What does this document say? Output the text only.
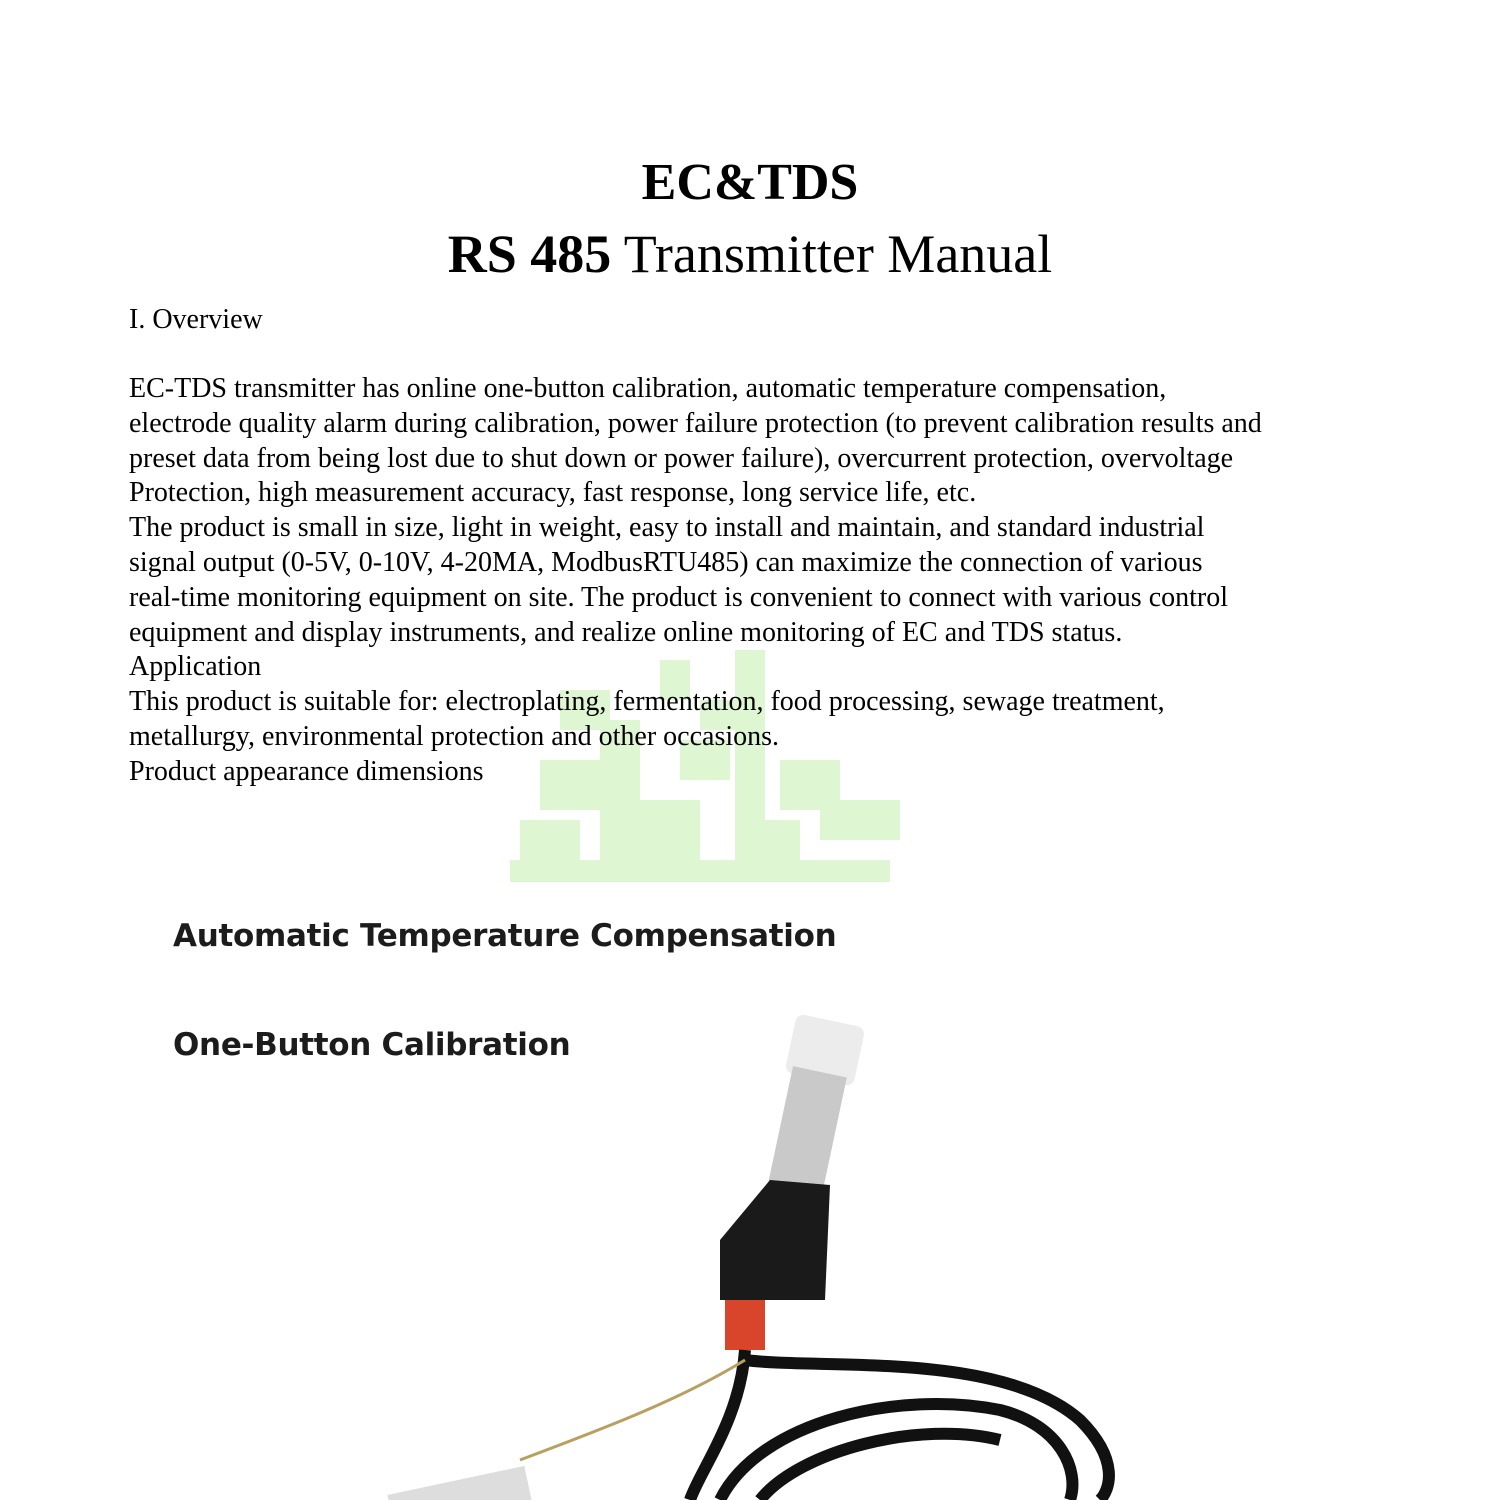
EC&TDS
RS 485 Transmitter Manual
I. Overview
EC-TDS transmitter has online one-button calibration, automatic temperature compensation,
electrode quality alarm during calibration, power failure protection (to prevent calibration results and
preset data from being lost due to shut down or power failure), overcurrent protection, overvoltage
Protection, high measurement accuracy, fast response, long service life, etc.
The product is small in size, light in weight, easy to install and maintain, and standard industrial
signal output (0-5V, 0-10V, 4-20MA, ModbusRTU485) can maximize the connection of various
real-time monitoring equipment on site. The product is convenient to connect with various control
equipment and display instruments, and realize online monitoring of EC and TDS status.
Application
This product is suitable for: electroplating, fermentation, food processing, sewage treatment,
metallurgy, environmental protection and other occasions.
Product appearance dimensions
Automatic Temperature Compensation
One-Button Calibration
